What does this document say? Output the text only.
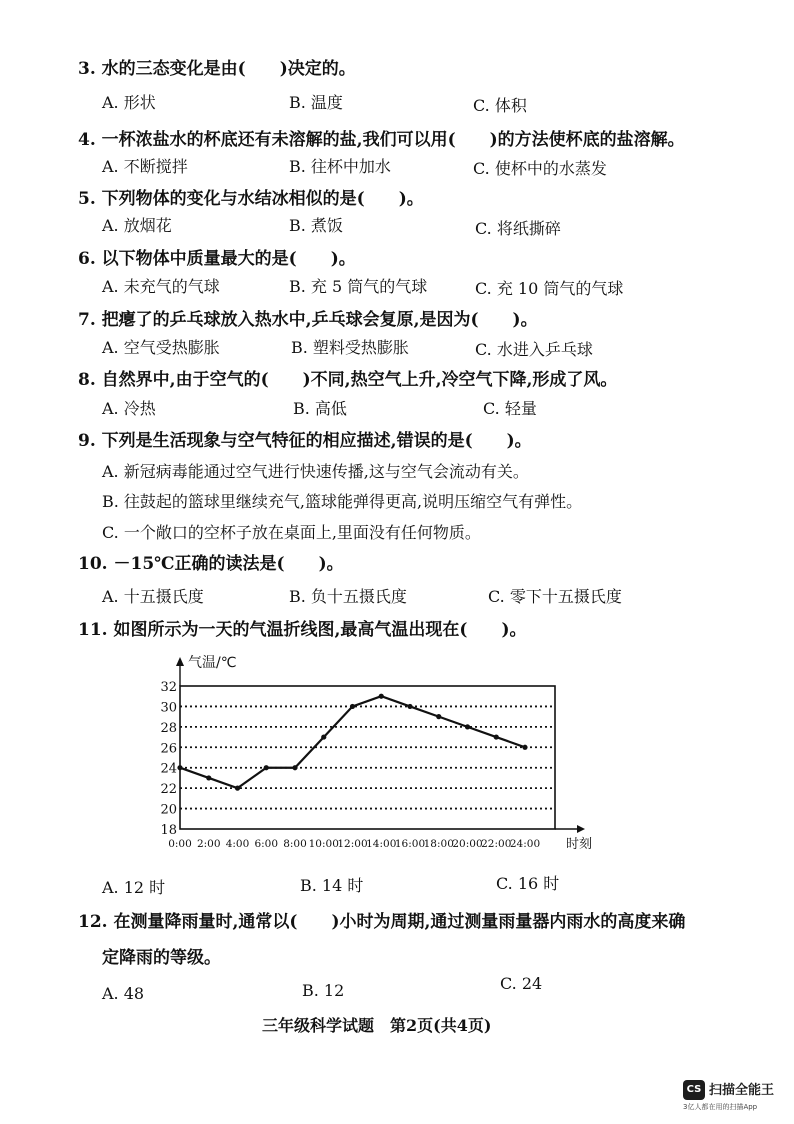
3. 水的三态变化是由(　　)决定的。
A. 形状	B. 温度	C. 体积
4. 一杯浓盐水的杯底还有未溶解的盐,我们可以用(　　)的方法使杯底的盐溶解。
A. 不断搅拌	B. 往杯中加水	C. 使杯中的水蒸发
5. 下列物体的变化与水结冰相似的是(　　)。
A. 放烟花	B. 煮饭	C. 将纸撕碎
6. 以下物体中质量最大的是(　　)。
A. 未充气的气球	B. 充 5 筒气的气球	C. 充 10 筒气的气球
7. 把瘪了的乒乓球放入热水中,乒乓球会复原,是因为(　　)。
A. 空气受热膨胀	B. 塑料受热膨胀	C. 水进入乒乓球
8. 自然界中,由于空气的(　　)不同,热空气上升,冷空气下降,形成了风。
A. 冷热	B. 高低	C. 轻量
9. 下列是生活现象与空气特征的相应描述,错误的是(　　)。
A. 新冠病毒能通过空气进行快速传播,这与空气会流动有关。
B. 往鼓起的篮球里继续充气,篮球能弹得更高,说明压缩空气有弹性。
C. 一个敞口的空杯子放在桌面上,里面没有任何物质。
10. －15℃正确的读法是(　　)。
A. 十五摄氏度	B. 负十五摄氏度	C. 零下十五摄氏度
11. 如图所示为一天的气温折线图,最高气温出现在(　　)。
气温/℃
时刻
18
20
22
24
26
28
30
32
0:00 2:00 4:00 6:00 8:00 10:00
12:00
14:00
16:00
18:00
20:00
22:00
24:00
A. 12 时	B. 14 时	C. 16 时
12. 在测量降雨量时,通常以(　　)小时为周期,通过测量雨量器内雨水的高度来确
定降雨的等级。
A. 48	B. 12	C. 24
三年级科学试题　第2页(共4页)
CS 扫描全能王
3亿人都在用的扫描App
